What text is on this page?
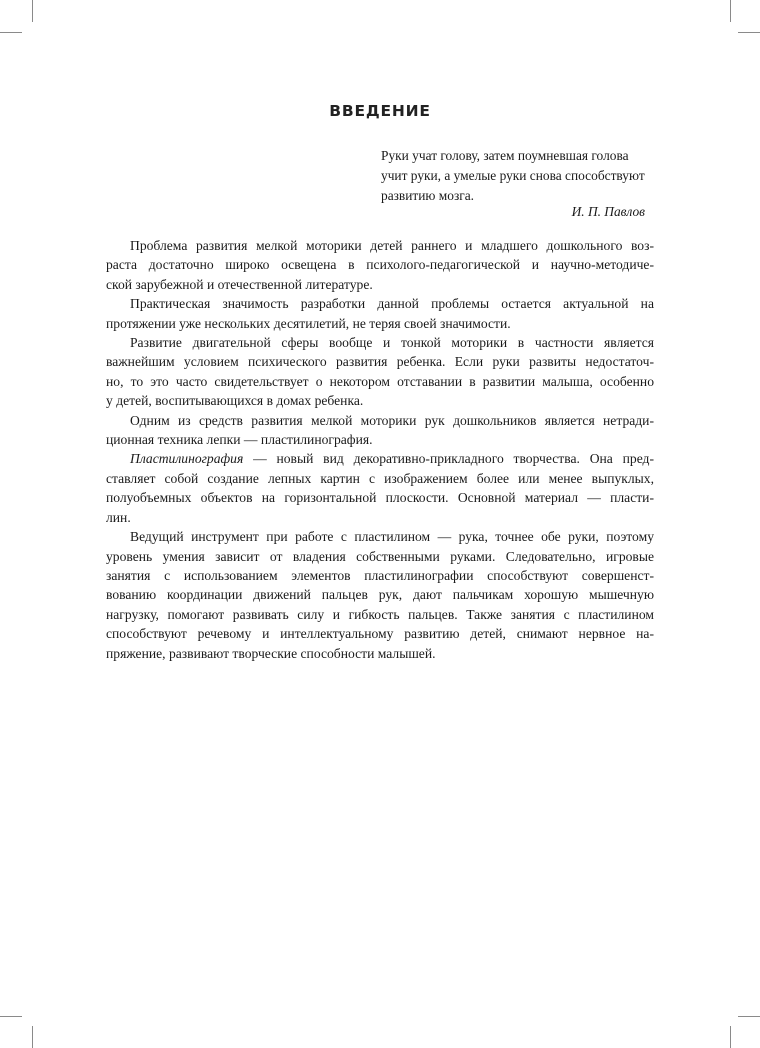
ВВЕДЕНИЕ
Руки учат голову, затем поумневшая голова
учит руки, а умелые руки снова способствуют
развитию мозга.
И. П. Павлов
Проблема развития мелкой моторики детей раннего и младшего дошкольного воз-
раста достаточно широко освещена в психолого-педагогической и научно-методиче-
ской зарубежной и отечественной литературе.
Практическая значимость разработки данной проблемы остается актуальной на
протяжении уже нескольких десятилетий, не теряя своей значимости.
Развитие двигательной сферы вообще и тонкой моторики в частности является
важнейшим условием психического развития ребенка. Если руки развиты недостаточ-
но, то это часто свидетельствует о некотором отставании в развитии малыша, особенно
у детей, воспитывающихся в домах ребенка.
Одним из средств развития мелкой моторики рук дошкольников является нетради-
ционная техника лепки — пластилинография.
Пластилинография — новый вид декоративно-прикладного творчества. Она пред-
ставляет собой создание лепных картин с изображением более или менее выпуклых,
полуобъемных объектов на горизонтальной плоскости. Основной материал — пласти-
лин.
Ведущий инструмент при работе с пластилином — рука, точнее обе руки, поэтому
уровень умения зависит от владения собственными руками. Следовательно, игровые
занятия с использованием элементов пластилинографии способствуют совершенст-
вованию координации движений пальцев рук, дают пальчикам хорошую мышечную
нагрузку, помогают развивать силу и гибкость пальцев. Также занятия с пластилином
способствуют речевому и интеллектуальному развитию детей, снимают нервное на-
пряжение, развивают творческие способности малышей.
